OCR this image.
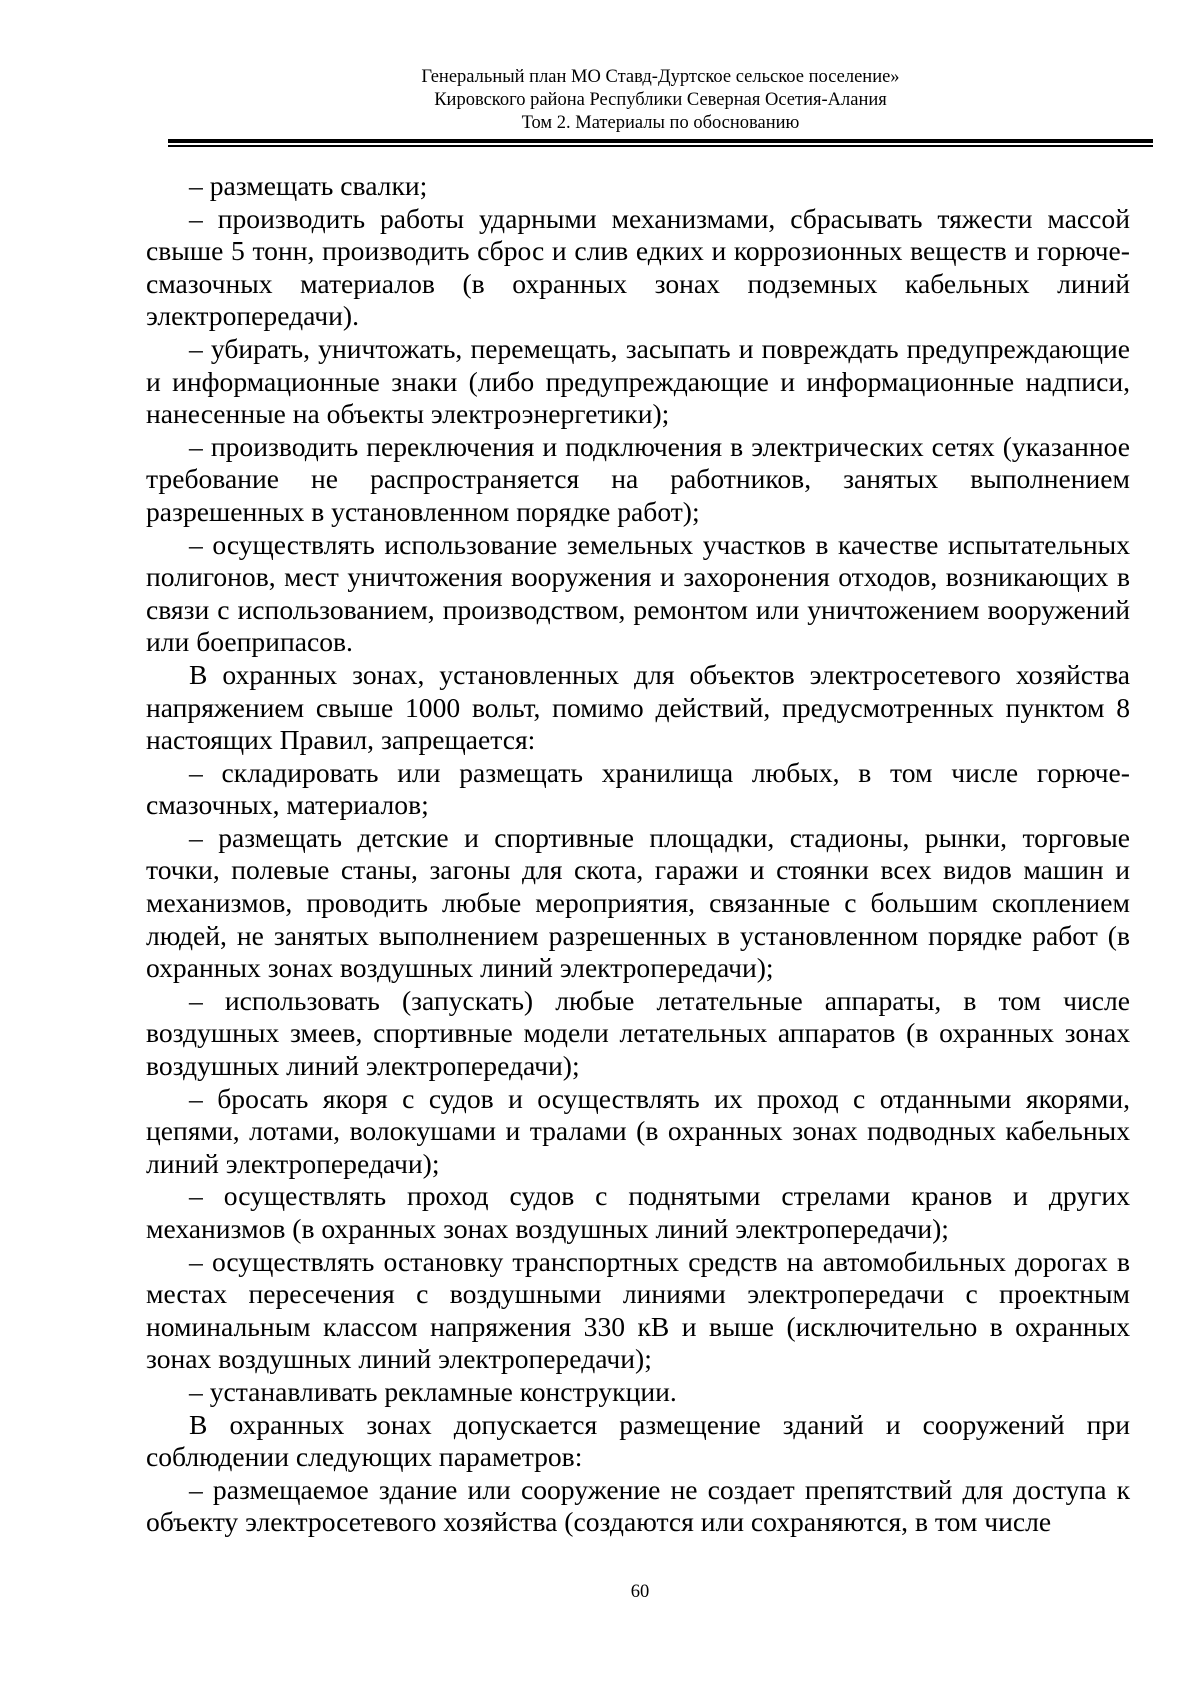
Генеральный план МО Ставд-Дуртское сельское поселение»
Кировского района Республики Северная Осетия-Алания
Том 2. Материалы по обоснованию

– размещать свалки;

– производить работы ударными механизмами, сбрасывать тяжести массой свыше 5 тонн, производить сброс и слив едких и коррозионных веществ и горюче-смазочных материалов (в охранных зонах подземных кабельных линий электропередачи).

– убирать, уничтожать, перемещать, засыпать и повреждать предупреждающие и информационные знаки (либо предупреждающие и информационные надписи, нанесенные на объекты электроэнергетики);

– производить переключения и подключения в электрических сетях (указанное требование не распространяется на работников, занятых выполнением разрешенных в установленном порядке работ);

– осуществлять использование земельных участков в качестве испытательных полигонов, мест уничтожения вооружения и захоронения отходов, возникающих в связи с использованием, производством, ремонтом или уничтожением вооружений или боеприпасов.

В охранных зонах, установленных для объектов электросетевого хозяйства напряжением свыше 1000 вольт, помимо действий, предусмотренных пунктом 8 настоящих Правил, запрещается:

– складировать или размещать хранилища любых, в том числе горюче-смазочных, материалов;

– размещать детские и спортивные площадки, стадионы, рынки, торговые точки, полевые станы, загоны для скота, гаражи и стоянки всех видов машин и механизмов, проводить любые мероприятия, связанные с большим скоплением людей, не занятых выполнением разрешенных в установленном порядке работ (в охранных зонах воздушных линий электропередачи);

– использовать (запускать) любые летательные аппараты, в том числе воздушных змеев, спортивные модели летательных аппаратов (в охранных зонах воздушных линий электропередачи);

– бросать якоря с судов и осуществлять их проход с отданными якорями, цепями, лотами, волокушами и тралами (в охранных зонах подводных кабельных линий электропередачи);

– осуществлять проход судов с поднятыми стрелами кранов и других механизмов (в охранных зонах воздушных линий электропередачи);

– осуществлять остановку транспортных средств на автомобильных дорогах в местах пересечения с воздушными линиями электропередачи с проектным номинальным классом напряжения 330 кВ и выше (исключительно в охранных зонах воздушных линий электропередачи);

– устанавливать рекламные конструкции.

В охранных зонах допускается размещение зданий и сооружений при соблюдении следующих параметров:

– размещаемое здание или сооружение не создает препятствий для доступа к объекту электросетевого хозяйства (создаются или сохраняются, в том числе

60
